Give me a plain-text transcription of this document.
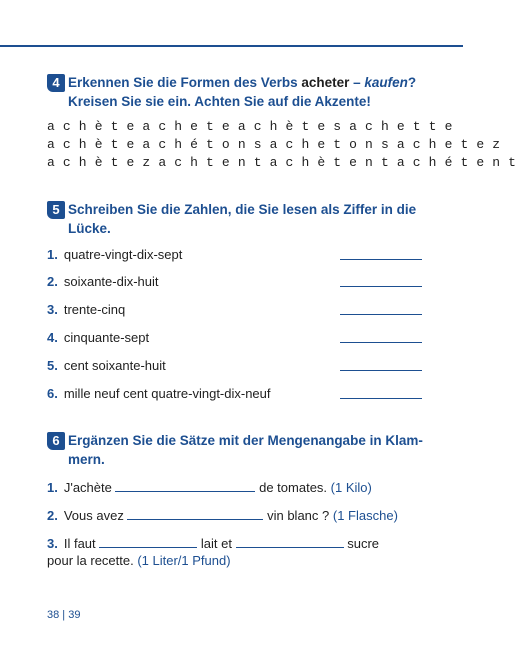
4 Erkennen Sie die Formen des Verbs acheter – kaufen?
Kreisen Sie sie ein. Achten Sie auf die Akzente!
a c h è t e a c h e t e a c h è t e s a c h e t t e
a c h è t e a c h é t o n s a c h e t o n s a c h e t e z
a c h è t e z a c h t e n t a c h è t e n t a c h é t e n t
5 Schreiben Sie die Zahlen, die Sie lesen als Ziffer in die
Lücke.
1. quatre-vingt-dix-sept
2. soixante-dix-huit
3. trente-cinq
4. cinquante-sept
5. cent soixante-huit
6. mille neuf cent quatre-vingt-dix-neuf
6 Ergänzen Sie die Sätze mit der Mengenangabe in Klam-
mern.
1. J'achète	de tomates. (1 Kilo)
2. Vous avez	vin blanc ? (1 Flasche)
3. Il faut	lait et	sucre
pour la recette. (1 Liter/1 Pfund)
38 | 39
